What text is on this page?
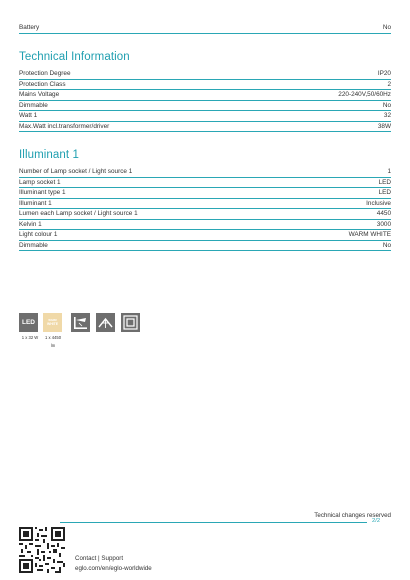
Battery	No
Technical Information
Protection Degree	IP20
Protection Class	2
Mains Voltage	220-240V,50/60Hz
Dimmable	No
Watt 1	32
Max.Watt incl.transformer/driver	38W
Illuminant 1
Number of Lamp socket / Light source 1	1
Lamp socket 1	LED
Illuminant type 1	LED
Illuminant 1	Inclusive
Lumen each Lamp socket / Light source 1	4450
Kelvin 1	3000
Light colour 1	WARM WHITE
Dimmable	No
LED	WARM
WHITE
1 x 32 W	1 x 4450
lm
Technical changes reserved
2/2
Contact | Support
eglo.com/en/eglo-worldwide
